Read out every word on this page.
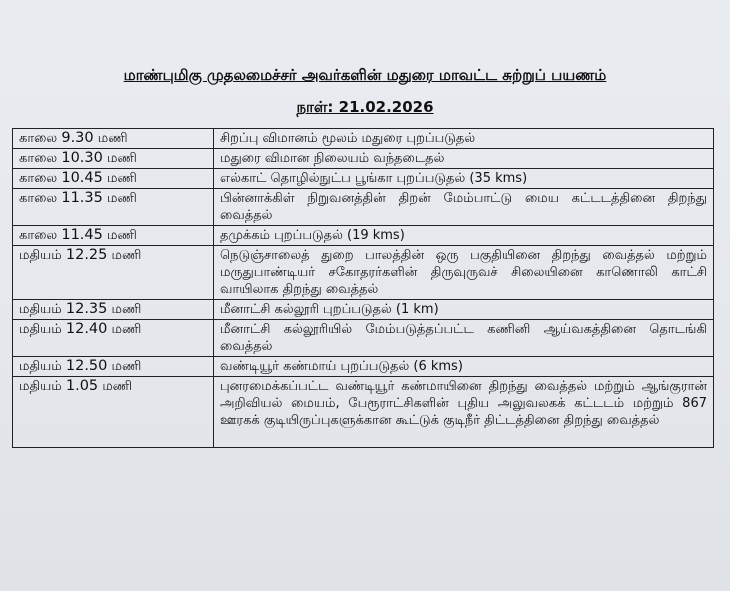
மாண்புமிகு முதலமைச்சர் அவர்களின் மதுரை மாவட்ட சுற்றுப் பயணம்
நாள்: 21.02.2026
காலை 9.30 மணி	சிறப்பு விமானம் மூலம் மதுரை புறப்படுதல்
காலை 10.30 மணி	மதுரை விமான நிலையம் வந்தடைதல்
காலை 10.45 மணி	எல்காட் தொழில்நுட்ப பூங்கா புறப்படுதல் (35 kms)
காலை 11.35 மணி	பின்னாக்கிள் நிறுவனத்தின் திறன் மேம்பாட்டு மைய கட்டடத்தினை திறந்து வைத்தல்
காலை 11.45 மணி	தமுக்கம் புறப்படுதல் (19 kms)
மதியம் 12.25 மணி	நெடுஞ்சாலைத் துறை பாலத்தின் ஒரு பகுதியினை திறந்து வைத்தல் மற்றும் மருதுபாண்டியர் சகோதரர்களின் திருவுருவச் சிலையினை காணொலி காட்சி வாயிலாக திறந்து வைத்தல்
மதியம் 12.35 மணி	மீனாட்சி கல்லூரி புறப்படுதல் (1 km)
மதியம் 12.40 மணி	மீனாட்சி கல்லூரியில் மேம்படுத்தப்பட்ட கணினி ஆய்வகத்தினை தொடங்கி வைத்தல்
மதியம் 12.50 மணி	வண்டியூர் கண்மாய் புறப்படுதல் (6 kms)
மதியம் 1.05 மணி	புனரமைக்கப்பட்ட வண்டியூர் கண்மாயினை திறந்து வைத்தல் மற்றும் ஆங்குரான் அறிவியல் மையம், பேரூராட்சிகளின் புதிய அலுவலகக் கட்டடம் மற்றும் 867 ஊரகக் குடியிருப்புகளுக்கான கூட்டுக் குடிநீர் திட்டத்தினை திறந்து வைத்தல்
